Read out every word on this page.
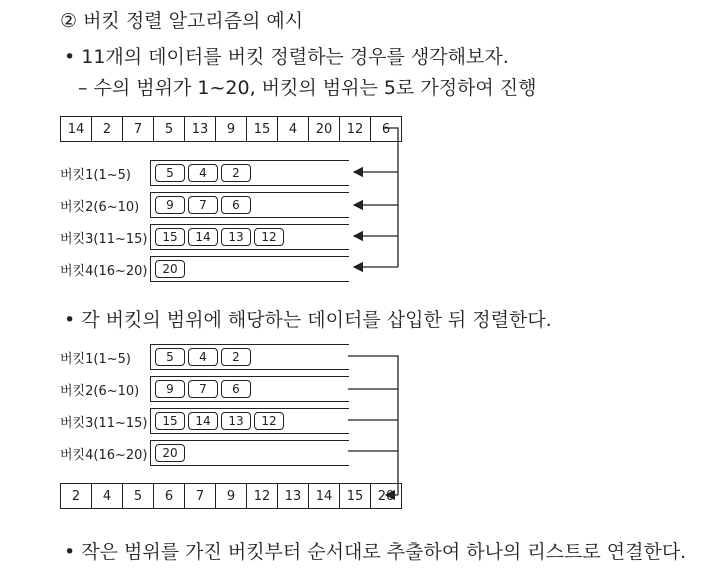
② 버킷 정렬 알고리즘의 예시
• 11개의 데이터를 버킷 정렬하는 경우를 생각해보자.
– 수의 범위가 1~20, 버킷의 범위는 5로 가정하여 진행
14	2	7	5	13	9	15	4	20	12	6
버킷1(1~5)	5	4	2
버킷2(6~10)	9	7	6
버킷3(11~15)	15	14	13	12
버킷4(16~20)	20
• 각 버킷의 범위에 해당하는 데이터를 삽입한 뒤 정렬한다.
버킷1(1~5)	5	4	2
버킷2(6~10)	9	7	6
버킷3(11~15)	15	14	13	12
버킷4(16~20)	20
2	4	5	6	7	9	12	13	14	15	20
• 작은 범위를 가진 버킷부터 순서대로 추출하여 하나의 리스트로 연결한다.
